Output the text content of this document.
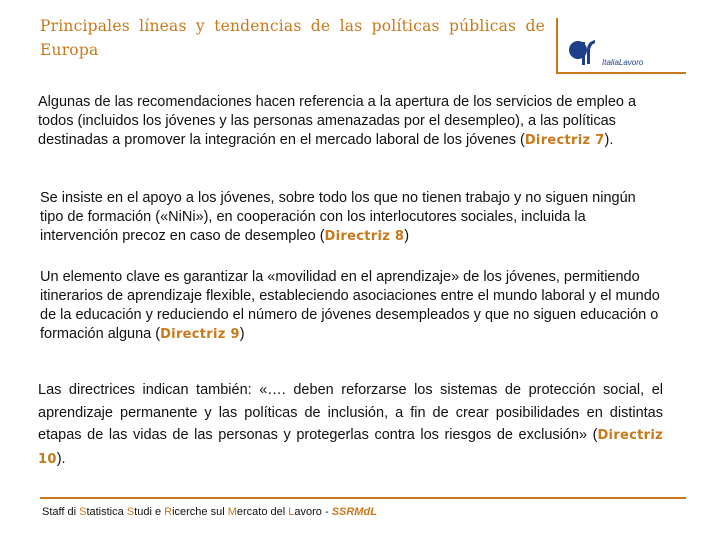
Principales líneas y tendencias de las políticas públicas de Europa
ItaliaLavoro

Algunas de las recomendaciones hacen referencia a la apertura de los servicios de empleo a todos (incluidos los jóvenes y las personas amenazadas por el desempleo), a las políticas destinadas a promover la integración en el mercado laboral de los jóvenes (Directriz 7).

Se insiste en el apoyo a los jóvenes, sobre todo los que no tienen trabajo y no siguen ningún tipo de formación («NiNi»), en cooperación con los interlocutores sociales, incluida la intervención precoz en caso de desempleo (Directriz 8)

Un elemento clave es garantizar la «movilidad en el aprendizaje» de los jóvenes, permitiendo itinerarios de aprendizaje flexible, estableciendo asociaciones entre el mundo laboral y el mundo de la educación y reduciendo el número de jóvenes desempleados y que no siguen educación o formación alguna (Directriz 9)

Las directrices indican también: «…. deben reforzarse los sistemas de protección social, el aprendizaje permanente y las políticas de inclusión, a fin de crear posibilidades en distintas etapas de las vidas de las personas y protegerlas contra los riesgos de exclusión» (Directriz 10).

Staff di Statistica Studi e Ricerche sul Mercato del Lavoro - SSRMdL
